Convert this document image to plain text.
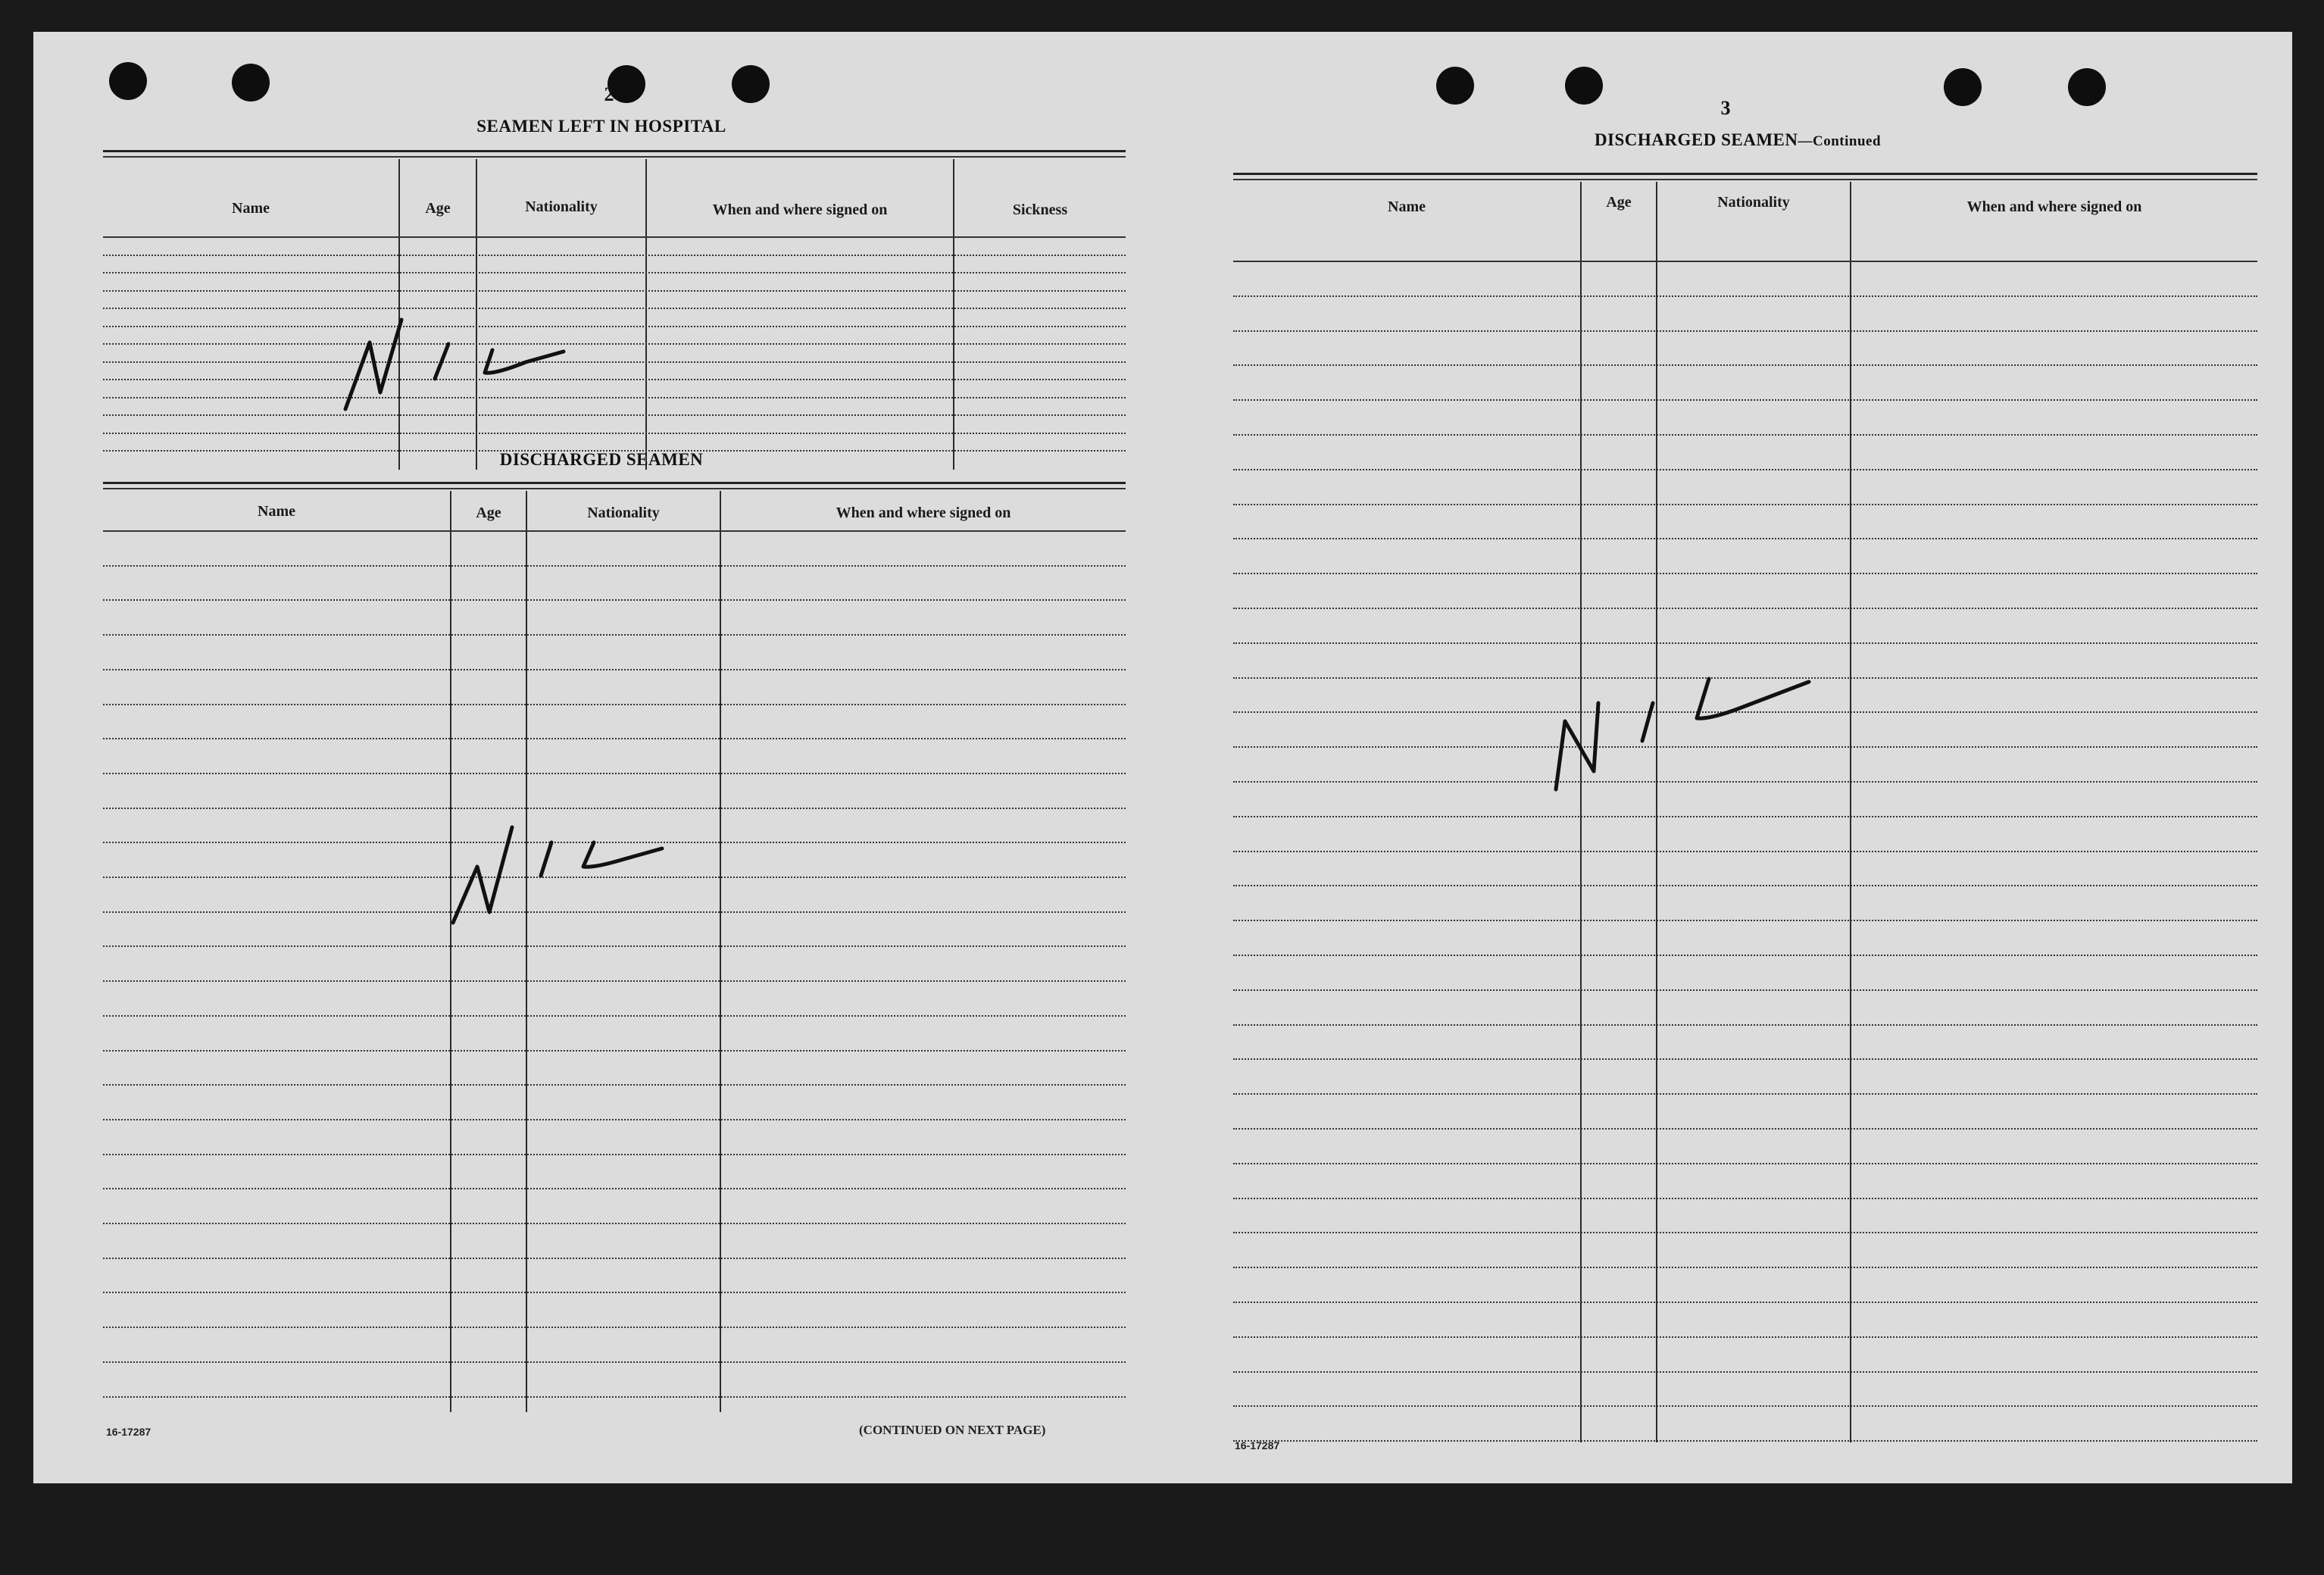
2
SEAMEN LEFT IN HOSPITAL
Name	Age	Nationality	When and where signed on	Sickness
DISCHARGED SEAMEN
Name	Age	Nationality	When and where signed on
16-17287	(CONTINUED ON NEXT PAGE)
3
DISCHARGED SEAMEN—Continued
Name	Age	Nationality	When and where signed on
16-17287
